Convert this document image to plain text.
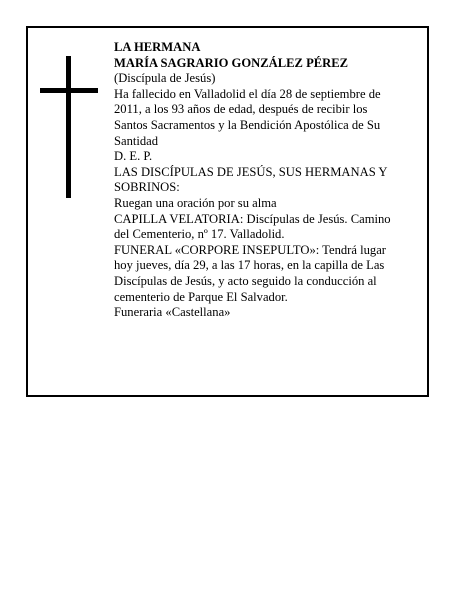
LA HERMANA
MARÍA SAGRARIO GONZÁLEZ PÉREZ
(Discípula de Jesús)
Ha fallecido en Valladolid el día 28 de septiembre de
2011, a los 93 años de edad, después de recibir los
Santos Sacramentos y la Bendición Apostólica de Su
Santidad
D. E. P.
LAS DISCÍPULAS DE JESÚS, SUS HERMANAS Y
SOBRINOS:
Ruegan una oración por su alma
CAPILLA VELATORIA: Discípulas de Jesús. Camino
del Cementerio, nº 17. Valladolid.
FUNERAL «CORPORE INSEPULTO»: Tendrá lugar
hoy jueves, día 29, a las 17 horas, en la capilla de Las
Discípulas de Jesús, y acto seguido la conducción al
cementerio de Parque El Salvador.
Funeraria «Castellana»
